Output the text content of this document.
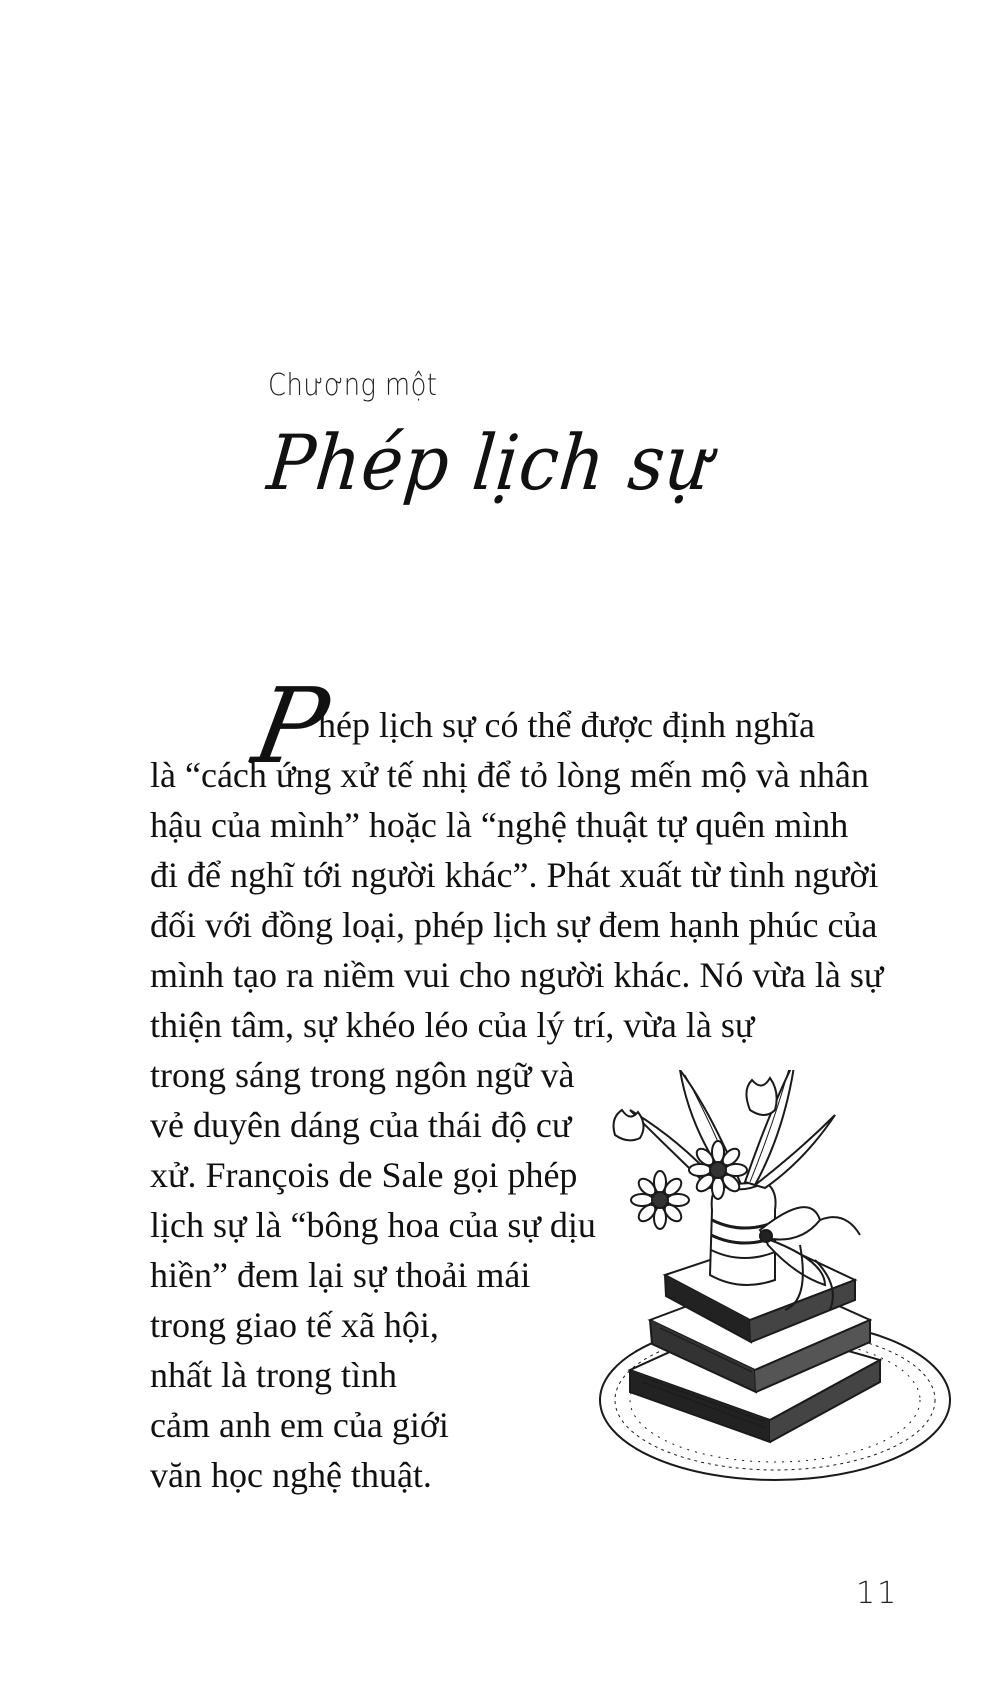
Chương một
Phép lịch sự
P
hép lịch sự có thể được định nghĩa
là “cách ứng xử tế nhị để tỏ lòng mến mộ và nhân
hậu của mình” hoặc là “nghệ thuật tự quên mình
đi để nghĩ tới người khác”. Phát xuất từ tình người
đối với đồng loại, phép lịch sự đem hạnh phúc của
mình tạo ra niềm vui cho người khác. Nó vừa là sự
thiện tâm, sự khéo léo của lý trí, vừa là sự
trong sáng trong ngôn ngữ và
vẻ duyên dáng của thái độ cư
xử. François de Sale gọi phép
lịch sự là “bông hoa của sự dịu
hiền” đem lại sự thoải mái
trong giao tế xã hội,
nhất là trong tình
cảm anh em của giới
văn học nghệ thuật.
11
